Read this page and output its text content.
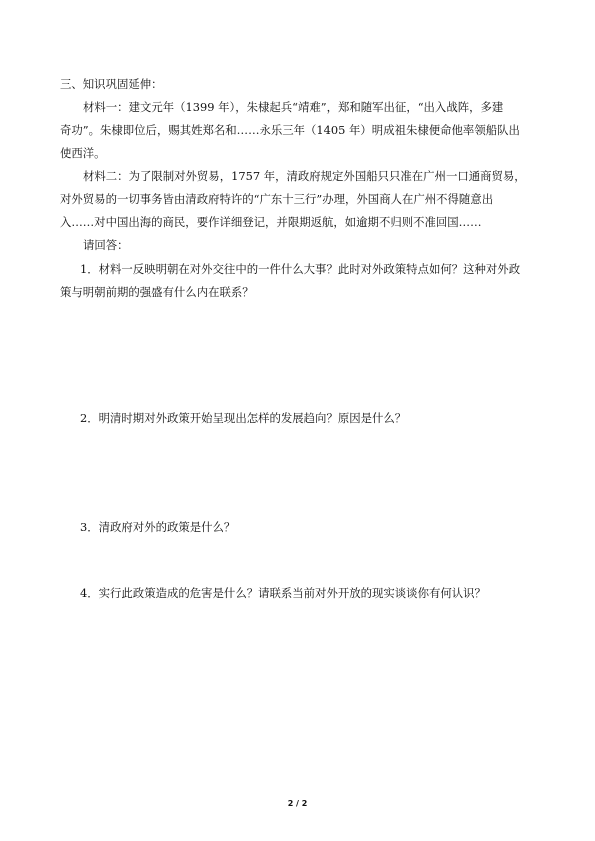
三、知识巩固延伸：
材料一：建文元年（1399 年），朱棣起兵“靖难”，郑和随军出征，“出入战阵，多建
奇功”。朱棣即位后，赐其姓郑名和……永乐三年（1405 年）明成祖朱棣便命他率领船队出
使西洋。
材料二：为了限制对外贸易，1757 年，清政府规定外国船只只准在广州一口通商贸易，
对外贸易的一切事务皆由清政府特许的“广东十三行”办理，外国商人在广州不得随意出
入……对中国出海的商民，要作详细登记，并限期返航，如逾期不归则不准回国……
请回答：
1．材料一反映明朝在对外交往中的一件什么大事？此时对外政策特点如何？这种对外政
策与明朝前期的强盛有什么内在联系？
2．明清时期对外政策开始呈现出怎样的发展趋向？原因是什么？
3．清政府对外的政策是什么？
4．实行此政策造成的危害是什么？请联系当前对外开放的现实谈谈你有何认识？
2 / 2
